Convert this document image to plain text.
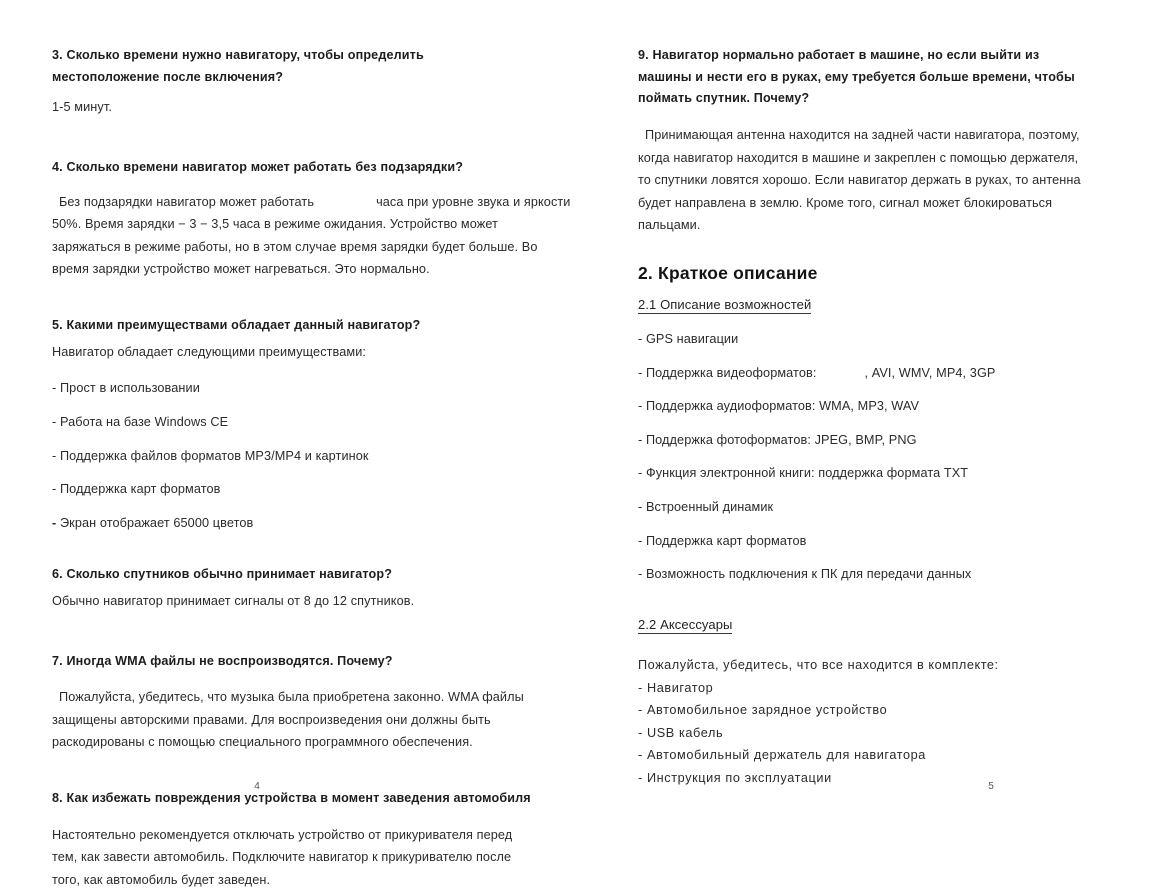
3. Сколько времени нужно навигатору, чтобы определить

местоположение после включения?

1-5 минут.

4. Сколько времени навигатор может работать без подзарядки?

Без подзарядки навигатор может работать	часа при уровне звука и яркости

50%. Время зарядки − 3 − 3,5 часа в режиме ожидания. Устройство может

заряжаться в режиме работы, но в этом случае время зарядки будет больше. Во

время зарядки устройство может нагреваться. Это нормально.

5. Какими преимуществами обладает данный навигатор?

Навигатор обладает следующими преимуществами:

- Прост в использовании

- Работа на базе Windows CE

- Поддержка файлов форматов MP3/MP4 и картинок

- Поддержка карт форматов

- Экран отображает 65000 цветов

6. Сколько спутников обычно принимает навигатор?

Обычно навигатор принимает сигналы от 8 до 12 спутников.

7. Иногда WMA файлы не воспроизводятся. Почему?

Пожалуйста, убедитесь, что музыка была приобретена законно. WMA файлы

защищены авторскими правами. Для воспроизведения они должны быть

раскодированы с помощью специального программного обеспечения.

8. Как избежать повреждения устройства в момент заведения автомобиля

Настоятельно рекомендуется отключать устройство от прикуривателя перед

тем, как завести автомобиль. Подключите навигатор к прикуривателю после

того, как автомобиль будет заведен.

4

9. Навигатор нормально работает в машине, но если выйти из

машины и нести его в руках, ему требуется больше времени, чтобы

поймать спутник. Почему?

Принимающая антенна находится на задней части навигатора, поэтому,

когда навигатор находится в машине и закреплен с помощью держателя,

то спутники ловятся хорошо. Если навигатор держать в руках, то антенна

будет направлена в землю. Кроме того, сигнал может блокироваться

пальцами.

2. Краткое описание

2.1 Описание возможностей

- GPS навигации

- Поддержка видеоформатов:	, AVI, WMV, MP4, 3GP

- Поддержка аудиоформатов: WMA, MP3, WAV

- Поддержка фотоформатов: JPEG, BMP, PNG

- Функция электронной книги: поддержка формата TXT

- Встроенный динамик

- Поддержка карт форматов

- Возможность подключения к ПК для передачи данных

2.2 Аксессуары

Пожалуйста, убедитесь, что все находится в комплекте:

- Навигатор

- Автомобильное зарядное устройство

- USB кабель

- Автомобильный держатель для навигатора

- Инструкция по эксплуатации

5
